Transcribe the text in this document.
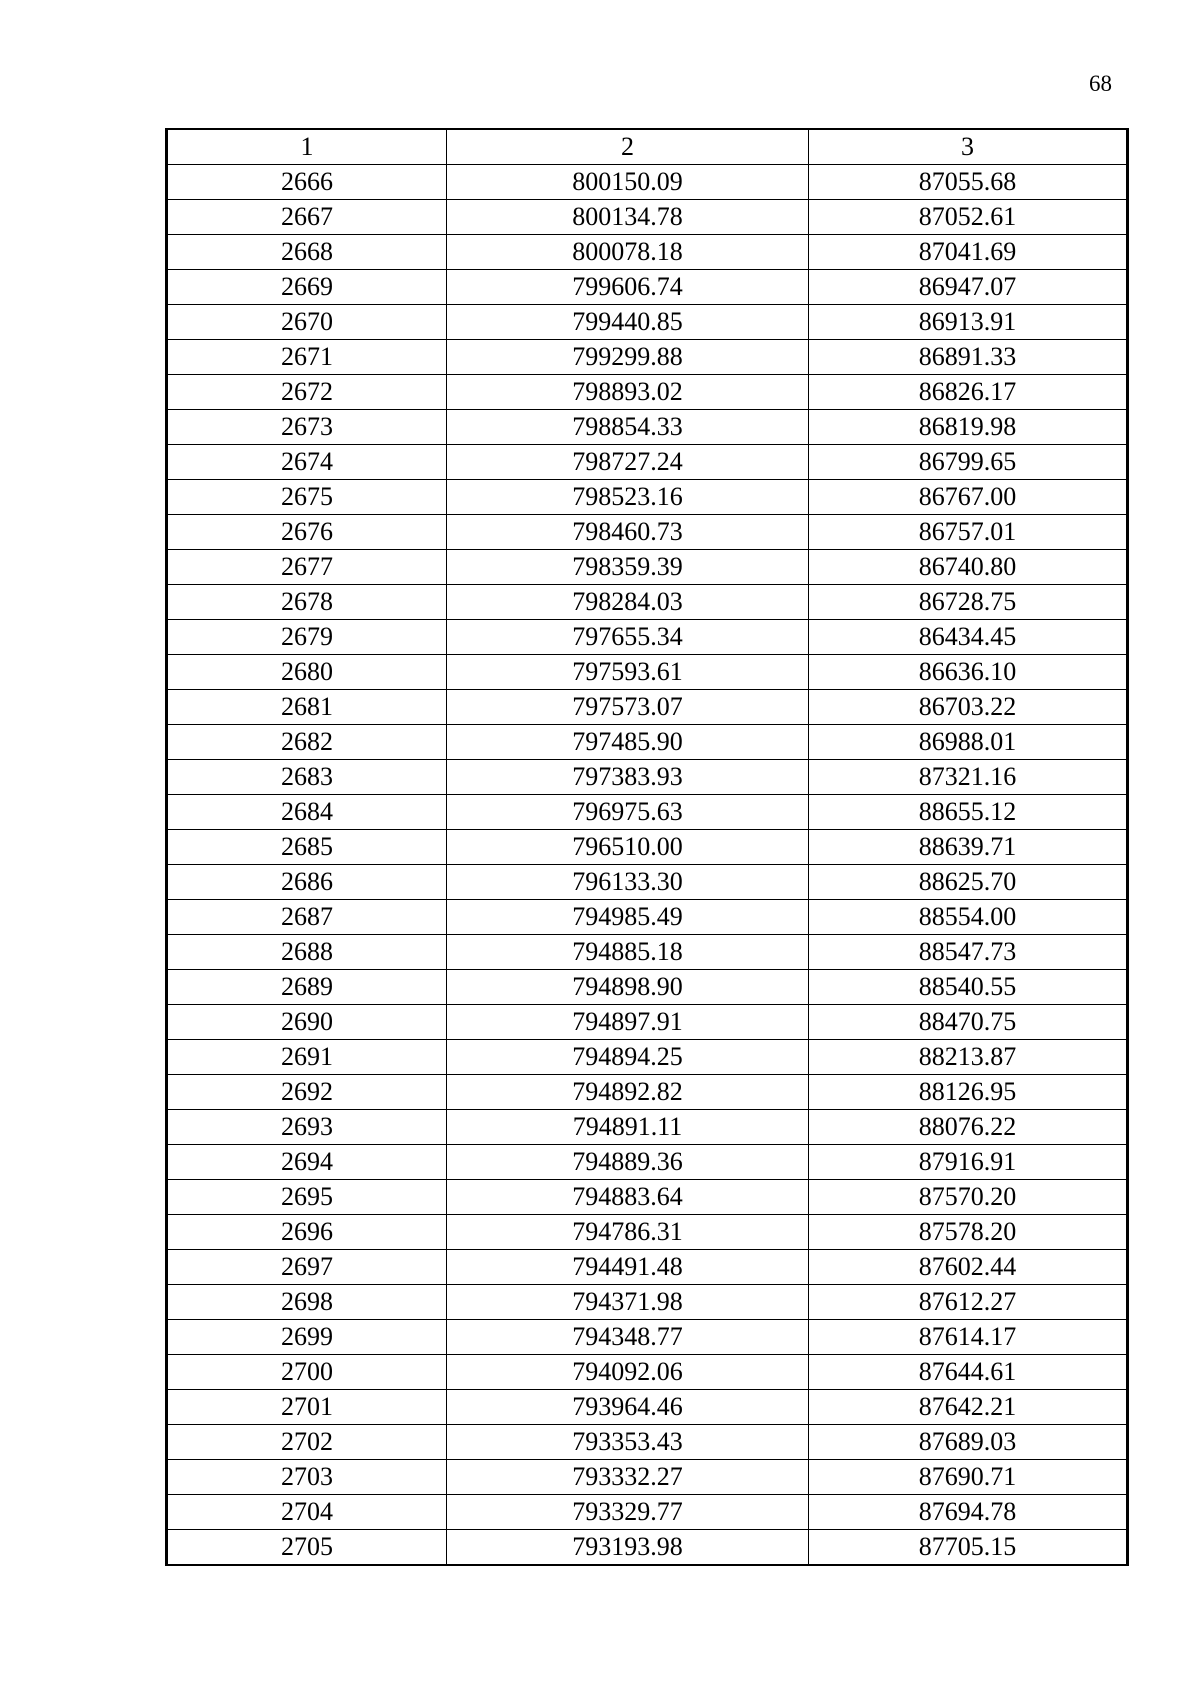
68
1	2	3
2666	800150.09	87055.68
2667	800134.78	87052.61
2668	800078.18	87041.69
2669	799606.74	86947.07
2670	799440.85	86913.91
2671	799299.88	86891.33
2672	798893.02	86826.17
2673	798854.33	86819.98
2674	798727.24	86799.65
2675	798523.16	86767.00
2676	798460.73	86757.01
2677	798359.39	86740.80
2678	798284.03	86728.75
2679	797655.34	86434.45
2680	797593.61	86636.10
2681	797573.07	86703.22
2682	797485.90	86988.01
2683	797383.93	87321.16
2684	796975.63	88655.12
2685	796510.00	88639.71
2686	796133.30	88625.70
2687	794985.49	88554.00
2688	794885.18	88547.73
2689	794898.90	88540.55
2690	794897.91	88470.75
2691	794894.25	88213.87
2692	794892.82	88126.95
2693	794891.11	88076.22
2694	794889.36	87916.91
2695	794883.64	87570.20
2696	794786.31	87578.20
2697	794491.48	87602.44
2698	794371.98	87612.27
2699	794348.77	87614.17
2700	794092.06	87644.61
2701	793964.46	87642.21
2702	793353.43	87689.03
2703	793332.27	87690.71
2704	793329.77	87694.78
2705	793193.98	87705.15
